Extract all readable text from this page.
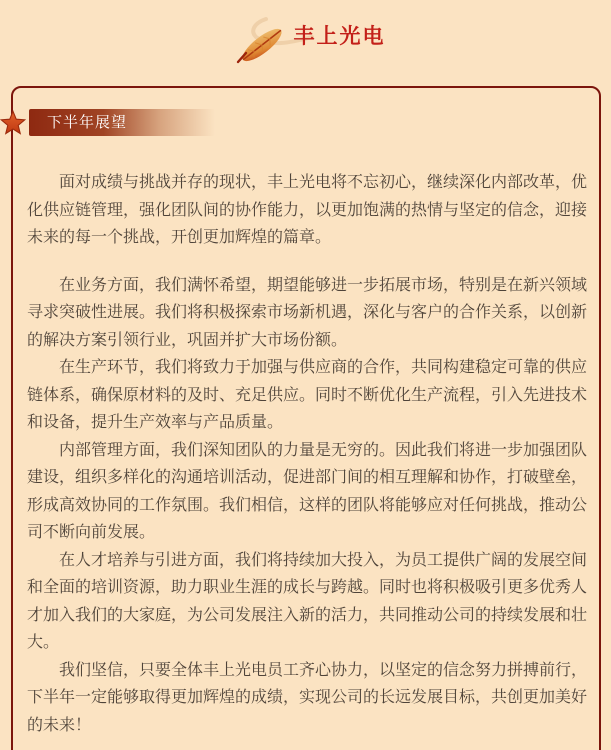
丰上光电
下半年展望

面对成绩与挑战并存的现状，丰上光电将不忘初心，继续深化内部改革，优化供应链管理，强化团队间的协作能力，以更加饱满的热情与坚定的信念，迎接未来的每一个挑战，开创更加辉煌的篇章。

在业务方面，我们满怀希望，期望能够进一步拓展市场，特别是在新兴领域寻求突破性进展。我们将积极探索市场新机遇，深化与客户的合作关系，以创新的解决方案引领行业，巩固并扩大市场份额。

在生产环节，我们将致力于加强与供应商的合作，共同构建稳定可靠的供应链体系，确保原材料的及时、充足供应。同时不断优化生产流程，引入先进技术和设备，提升生产效率与产品质量。

内部管理方面，我们深知团队的力量是无穷的。因此我们将进一步加强团队建设，组织多样化的沟通培训活动，促进部门间的相互理解和协作，打破壁垒，形成高效协同的工作氛围。我们相信，这样的团队将能够应对任何挑战，推动公司不断向前发展。

在人才培养与引进方面，我们将持续加大投入，为员工提供广阔的发展空间和全面的培训资源，助力职业生涯的成长与跨越。同时也将积极吸引更多优秀人才加入我们的大家庭，为公司发展注入新的活力，共同推动公司的持续发展和壮大。

我们坚信，只要全体丰上光电员工齐心协力，以坚定的信念努力拼搏前行，下半年一定能够取得更加辉煌的成绩，实现公司的长远发展目标，共创更加美好的未来！
